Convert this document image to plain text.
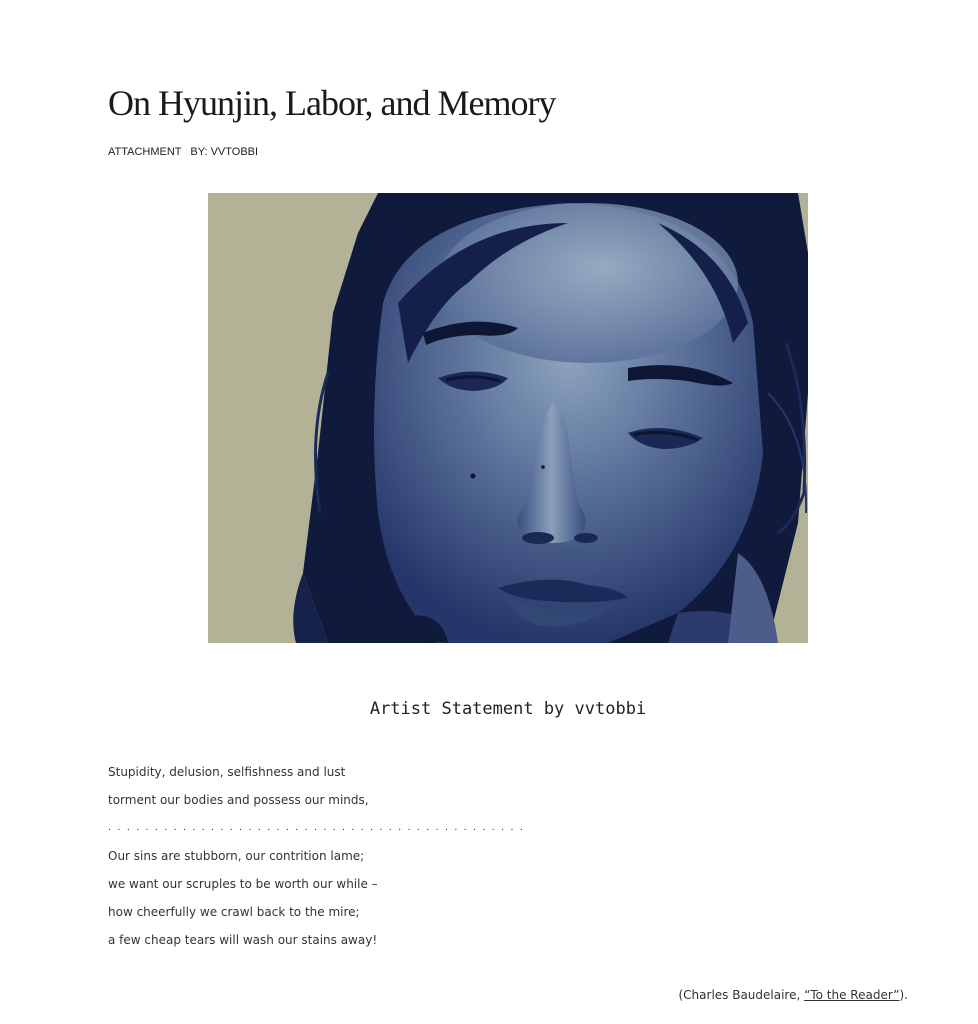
On Hyunjin, Labor, and Memory
ATTACHMENT BY: VVTOBBI
Artist Statement by vvtobbi
Stupidity, delusion, selfishness and lust
torment our bodies and possess our minds,
. . . . . . . . . . . . . . . . . . . . . . . . . . . . . . . . . . . . . . . . . . . . .
Our sins are stubborn, our contrition lame;
we want our scruples to be worth our while –
how cheerfully we crawl back to the mire;
a few cheap tears will wash our stains away!
(Charles Baudelaire, “To the Reader”).
